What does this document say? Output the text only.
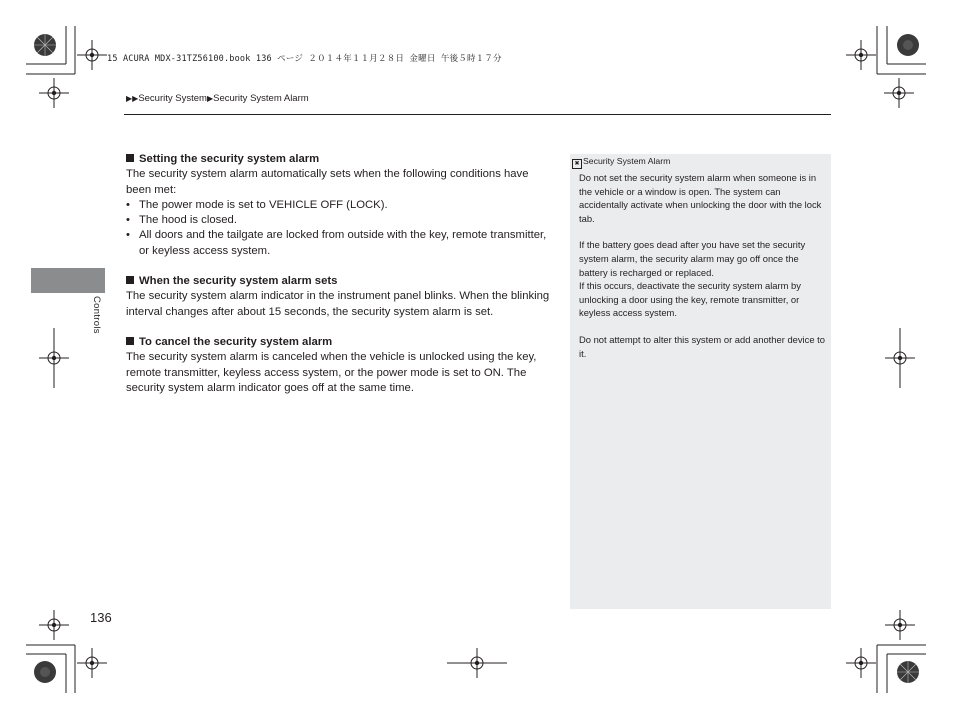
15 ACURA MDX-31TZ56100.book 136 ページ ２０１４年１１月２８日 金曜日 午後５時１７分
▶▶Security System▶Security System Alarm
Controls
Setting the security system alarm

The security system alarm automatically sets when the following conditions have been met:

• The power mode is set to VEHICLE OFF (LOCK).
• The hood is closed.
• All doors and the tailgate are locked from outside with the key, remote transmitter, or keyless access system.
When the security system alarm sets

The security system alarm indicator in the instrument panel blinks. When the blinking interval changes after about 15 seconds, the security system alarm is set.

To cancel the security system alarm

The security system alarm is canceled when the vehicle is unlocked using the key, remote transmitter, keyless access system, or the power mode is set to ON. The security system alarm indicator goes off at the same time.

✖ Security System Alarm

Do not set the security system alarm when someone is in the vehicle or a window is open. The system can accidentally activate when unlocking the door with the lock tab.

If the battery goes dead after you have set the security system alarm, the security alarm may go off once the battery is recharged or replaced.

If this occurs, deactivate the security system alarm by unlocking a door using the key, remote transmitter, or keyless access system.

Do not attempt to alter this system or add another device to it.

136
